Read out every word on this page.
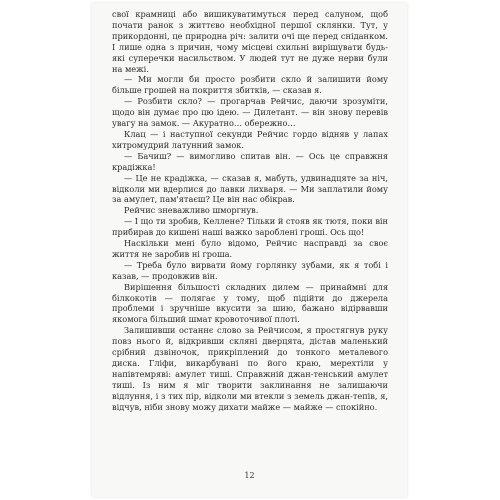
свої крамниці або вишикуватимуться перед салуном, щоб почати ранок з життєво необхідної першої склянки. Тут, у прикордонні, це природна річ: залити очі ще перед сніданком. І лише одна з причин, чому місцеві схильні вирішувати будь-які суперечки насильством. У людей тут не дуже нерви були на межі.

— Ми могли би просто розбити скло й залишити йому більше грошей на покриття збитків, — сказав я.

— Розбити скло? — прогарчав Рейчис, даючи зрозуміти, щодо він думає про цю ідею. — Дилетант. — він знову перевів увагу на замок. — Акуратно… обережно…

Клац — і наступної секунди Рейчис гордо відняв у лапах хитромудрий латунний замок.

— Бачиш? — вимогливо спитав він. — Ось це справжня крадіжка!

— Це не крадіжка, — сказав я, мабуть, удвинадцяте за ніч, відколи ми вдерлися до лавки лихваря. — Ми заплатили йому за амулет, пам'ятаєш? Це він нас обікрав.

Рейчис зневажливо шморгнув.

— І що ти зробив, Келлене? Тільки й стояв як тютя, поки він прибирав до кишені наші важко зароблені гроші. Ось що!

Наскільки мені було відомо, Рейчис насправді за своє життя не заробив ні гроша.

— Треба було вирвати йому горлянку зубами, як я тобі і казав, — продовжив він.

Вирішення більшості складних дилем — принаймні для білкокотів — полягає у тому, щоб підійти до джерела проблеми і зручніше вкусити за шию, бажано відірвавши якомога більший шмат кровоточивої плоті.

Залишивши останнє слово за Рейчисом, я простягнув руку повз нього й, відкривши скляні дверцята, дістав маленький срібний дзвіночок, прикріплений до тонкого металевого диска. Гліфи, викарбувані по його краю, мерехтіли у напівтемряві: амулет тиші. Справжній джан-тенський амулет тиші. Із ним я міг творити заклинання не залишаючи відлуння, і з тих пір, відколи ми втекли з земель джан-тепів, я, відчув, ніби знову можу дихати майже — майже — спокійно.

12
